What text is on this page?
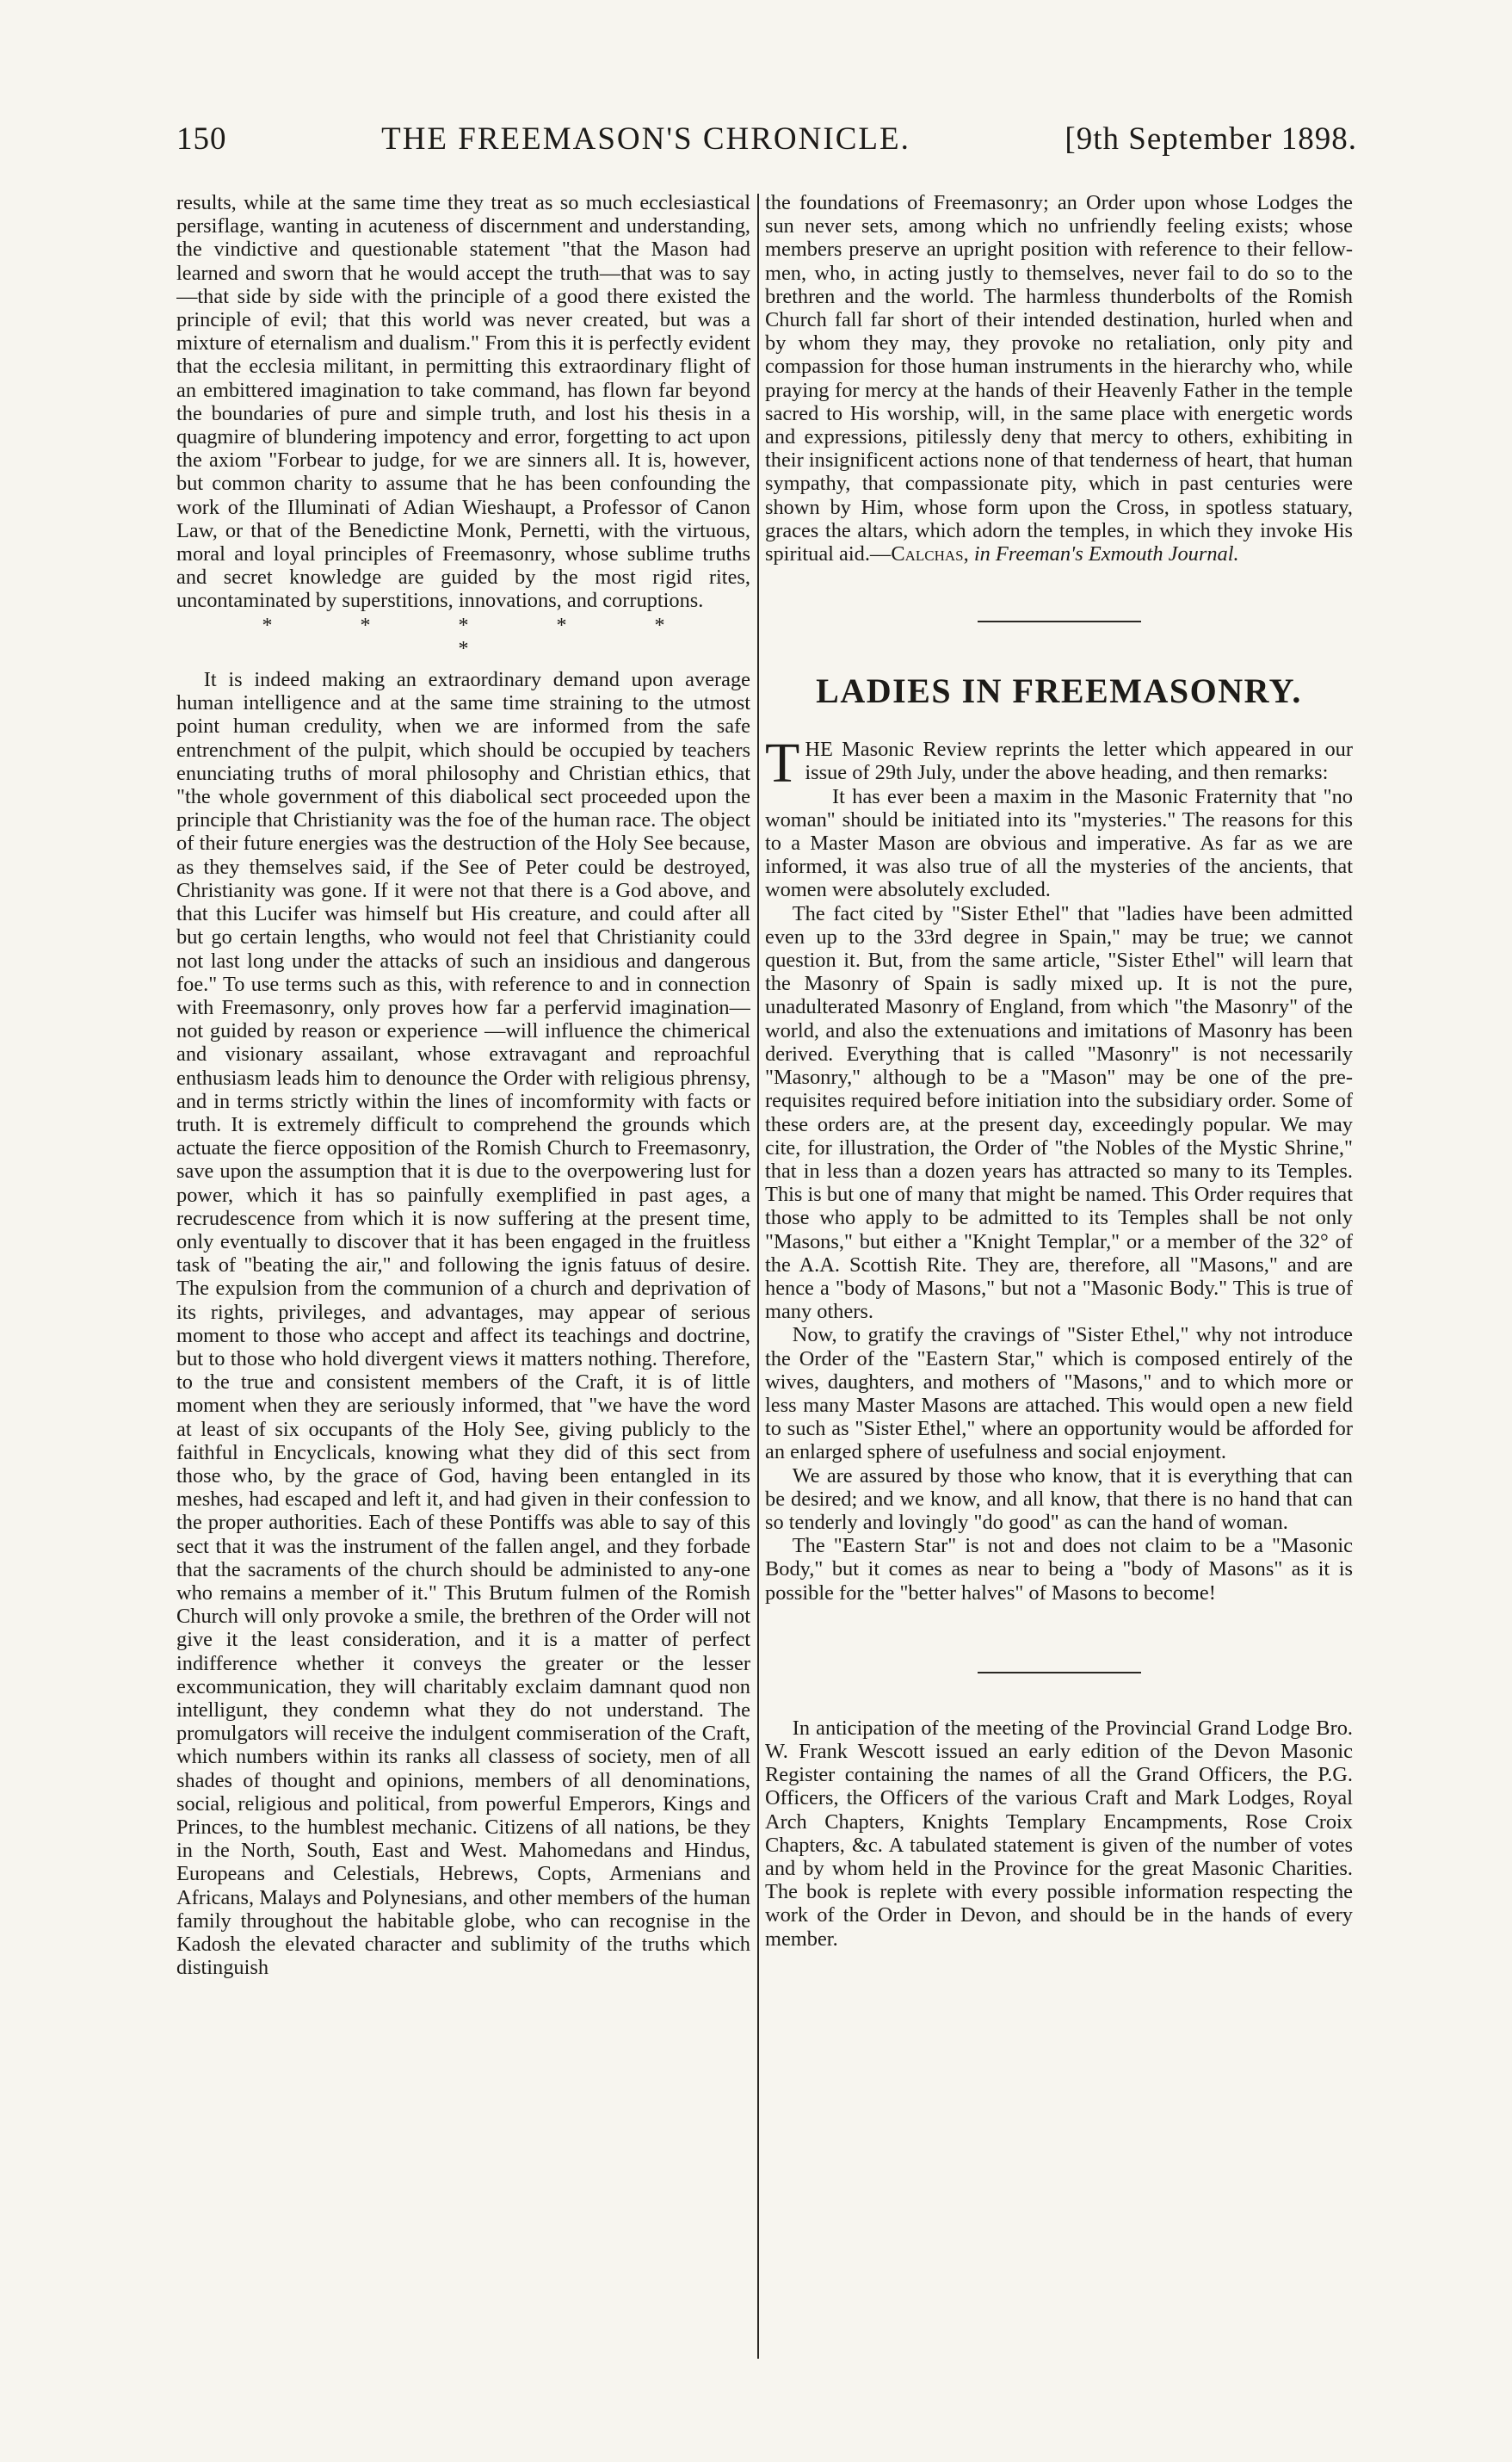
150	THE FREEMASON'S CHRONICLE.	[9th September 1898.

results, while at the same time they treat as so much ecclesiastical persiflage, wanting in acuteness of discernment and understanding, the vindictive and questionable statement "that the Mason had learned and sworn that he would accept the truth—that was to say—that side by side with the principle of a good there existed the principle of evil; that this world was never created, but was a mixture of eternalism and dualism." From this it is perfectly evident that the ecclesia militant, in permitting this extraordinary flight of an embittered imagination to take command, has flown far beyond the boundaries of pure and simple truth, and lost his thesis in a quagmire of blundering impotency and error, forgetting to act upon the axiom "Forbear to judge, for we are sinners all. It is, however, but common charity to assume that he has been confounding the work of the Illuminati of Adian Wieshaupt, a Professor of Canon Law, or that of the Benedictine Monk, Pernetti, with the virtuous, moral and loyal principles of Freemasonry, whose sublime truths and secret knowledge are guided by the most rigid rites, uncontaminated by superstitions, innovations, and corruptions.

* * * * * *

It is indeed making an extraordinary demand upon average human intelligence and at the same time straining to the utmost point human credulity, when we are informed from the safe entrenchment of the pulpit, which should be occupied by teachers enunciating truths of moral philosophy and Christian ethics, that "the whole government of this diabolical sect proceeded upon the principle that Christianity was the foe of the human race. The object of their future energies was the destruction of the Holy See because, as they themselves said, if the See of Peter could be destroyed, Christianity was gone. If it were not that there is a God above, and that this Lucifer was himself but His creature, and could after all but go certain lengths, who would not feel that Christianity could not last long under the attacks of such an insidious and dangerous foe." To use terms such as this, with reference to and in connection with Freemasonry, only proves how far a perfervid imagination—not guided by reason or experience —will influence the chimerical and visionary assailant, whose extravagant and reproachful enthusiasm leads him to denounce the Order with religious phrensy, and in terms strictly within the lines of incomformity with facts or truth. It is extremely difficult to comprehend the grounds which actuate the fierce opposition of the Romish Church to Freemasonry, save upon the assumption that it is due to the overpowering lust for power, which it has so painfully exemplified in past ages, a recrudescence from which it is now suffering at the present time, only eventually to discover that it has been engaged in the fruitless task of "beating the air," and following the ignis fatuus of desire. The expulsion from the communion of a church and deprivation of its rights, privileges, and advantages, may appear of serious moment to those who accept and affect its teachings and doctrine, but to those who hold divergent views it matters nothing. Therefore, to the true and consistent members of the Craft, it is of little moment when they are seriously informed, that "we have the word at least of six occupants of the Holy See, giving publicly to the faithful in Encyclicals, knowing what they did of this sect from those who, by the grace of God, having been entangled in its meshes, had escaped and left it, and had given in their confession to the proper authorities. Each of these Pontiffs was able to say of this sect that it was the instrument of the fallen angel, and they forbade that the sacraments of the church should be administed to any-one who remains a member of it." This Brutum fulmen of the Romish Church will only provoke a smile, the brethren of the Order will not give it the least consideration, and it is a matter of perfect indifference whether it conveys the greater or the lesser excommunication, they will charitably exclaim damnant quod non intelligunt, they condemn what they do not understand. The promulgators will receive the indulgent commiseration of the Craft, which numbers within its ranks all classess of society, men of all shades of thought and opinions, members of all denominations, social, religious and political, from powerful Emperors, Kings and Princes, to the humblest mechanic. Citizens of all nations, be they in the North, South, East and West. Mahomedans and Hindus, Europeans and Celestials, Hebrews, Copts, Armenians and Africans, Malays and Polynesians, and other members of the human family throughout the habitable globe, who can recognise in the Kadosh the elevated character and sublimity of the truths which distinguish

the foundations of Freemasonry; an Order upon whose Lodges the sun never sets, among which no unfriendly feeling exists; whose members preserve an upright position with reference to their fellow-men, who, in acting justly to themselves, never fail to do so to the brethren and the world. The harmless thunderbolts of the Romish Church fall far short of their intended destination, hurled when and by whom they may, they provoke no retaliation, only pity and compassion for those human instruments in the hierarchy who, while praying for mercy at the hands of their Heavenly Father in the temple sacred to His worship, will, in the same place with energetic words and expressions, pitilessly deny that mercy to others, exhibiting in their insignificent actions none of that tenderness of heart, that human sympathy, that compassionate pity, which in past centuries were shown by Him, whose form upon the Cross, in spotless statuary, graces the altars, which adorn the temples, in which they invoke His spiritual aid.—Calchas, in Freeman's Exmouth Journal.

LADIES IN FREEMASONRY.

THE Masonic Review reprints the letter which appeared in our issue of 29th July, under the above heading, and then remarks:

It has ever been a maxim in the Masonic Fraternity that "no woman" should be initiated into its "mysteries." The reasons for this to a Master Mason are obvious and imperative. As far as we are informed, it was also true of all the mysteries of the ancients, that women were absolutely excluded.

The fact cited by "Sister Ethel" that "ladies have been admitted even up to the 33rd degree in Spain," may be true; we cannot question it. But, from the same article, "Sister Ethel" will learn that the Masonry of Spain is sadly mixed up. It is not the pure, unadulterated Masonry of England, from which "the Masonry" of the world, and also the extenuations and imitations of Masonry has been derived. Everything that is called "Masonry" is not necessarily "Masonry," although to be a "Mason" may be one of the pre-requisites required before initiation into the subsidiary order. Some of these orders are, at the present day, exceedingly popular. We may cite, for illustration, the Order of "the Nobles of the Mystic Shrine," that in less than a dozen years has attracted so many to its Temples. This is but one of many that might be named. This Order requires that those who apply to be admitted to its Temples shall be not only "Masons," but either a "Knight Templar," or a member of the 32° of the A.A. Scottish Rite. They are, therefore, all "Masons," and are hence a "body of Masons," but not a "Masonic Body." This is true of many others.

Now, to gratify the cravings of "Sister Ethel," why not introduce the Order of the "Eastern Star," which is composed entirely of the wives, daughters, and mothers of "Masons," and to which more or less many Master Masons are attached. This would open a new field to such as "Sister Ethel," where an opportunity would be afforded for an enlarged sphere of usefulness and social enjoyment.

We are assured by those who know, that it is everything that can be desired; and we know, and all know, that there is no hand that can so tenderly and lovingly "do good" as can the hand of woman.

The "Eastern Star" is not and does not claim to be a "Masonic Body," but it comes as near to being a "body of Masons" as it is possible for the "better halves" of Masons to become!

In anticipation of the meeting of the Provincial Grand Lodge Bro. W. Frank Wescott issued an early edition of the Devon Masonic Register containing the names of all the Grand Officers, the P.G. Officers, the Officers of the various Craft and Mark Lodges, Royal Arch Chapters, Knights Templary Encampments, Rose Croix Chapters, &c. A tabulated statement is given of the number of votes and by whom held in the Province for the great Masonic Charities. The book is replete with every possible information respecting the work of the Order in Devon, and should be in the hands of every member.
